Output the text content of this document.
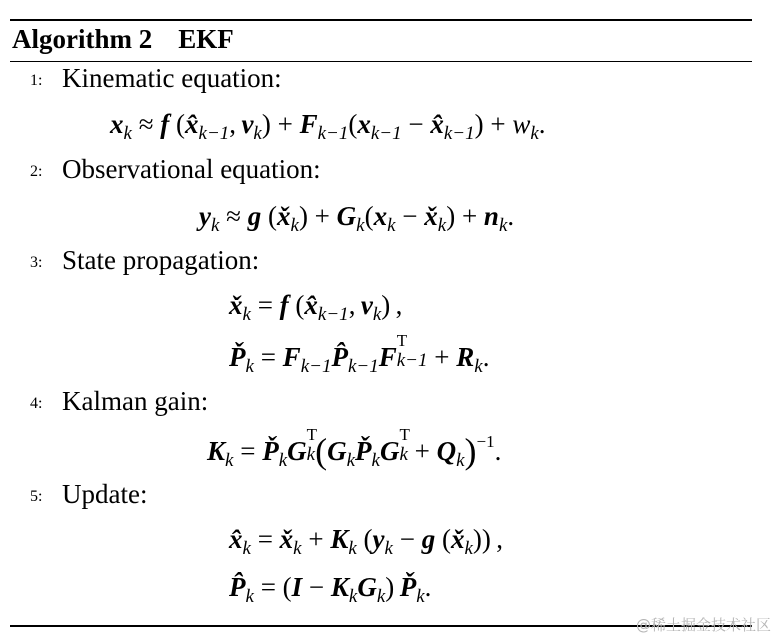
Algorithm 2 EKF
1: Kinematic equation:
$x_k \approx f$ ($x̂_{k-1}$, $v_k) + F_{k-1}(x_{k-1}$ − $x̂_{k-1}) + w_k$.
2: Observational equation:
$y_k \approx g$ $(x̌_k) + G_k(x_k$ − $x̌_k) + n_k$.
3: State propagation:
$x̌_k = f$ ($x̂_{k-1}$, $v_k$) ,
$P̌_k$ = $F_{k-1}P̂_{k-1}F$
T
$k-1 + R_k$.
4: Kalman gain:
$K_k$ = $P̌_kG$
T
$k(G_kP̌_kG$
T
$k + Q_k)^{-1}$.
5: Update:
$x̂_k$ = $x̌_k + K_k$ ($y_k - g$ $(x̌_k)$) ,
$P̂_k = (I - K_kG_k)$ $P̌_k$.
@稀土掘金技术社区
